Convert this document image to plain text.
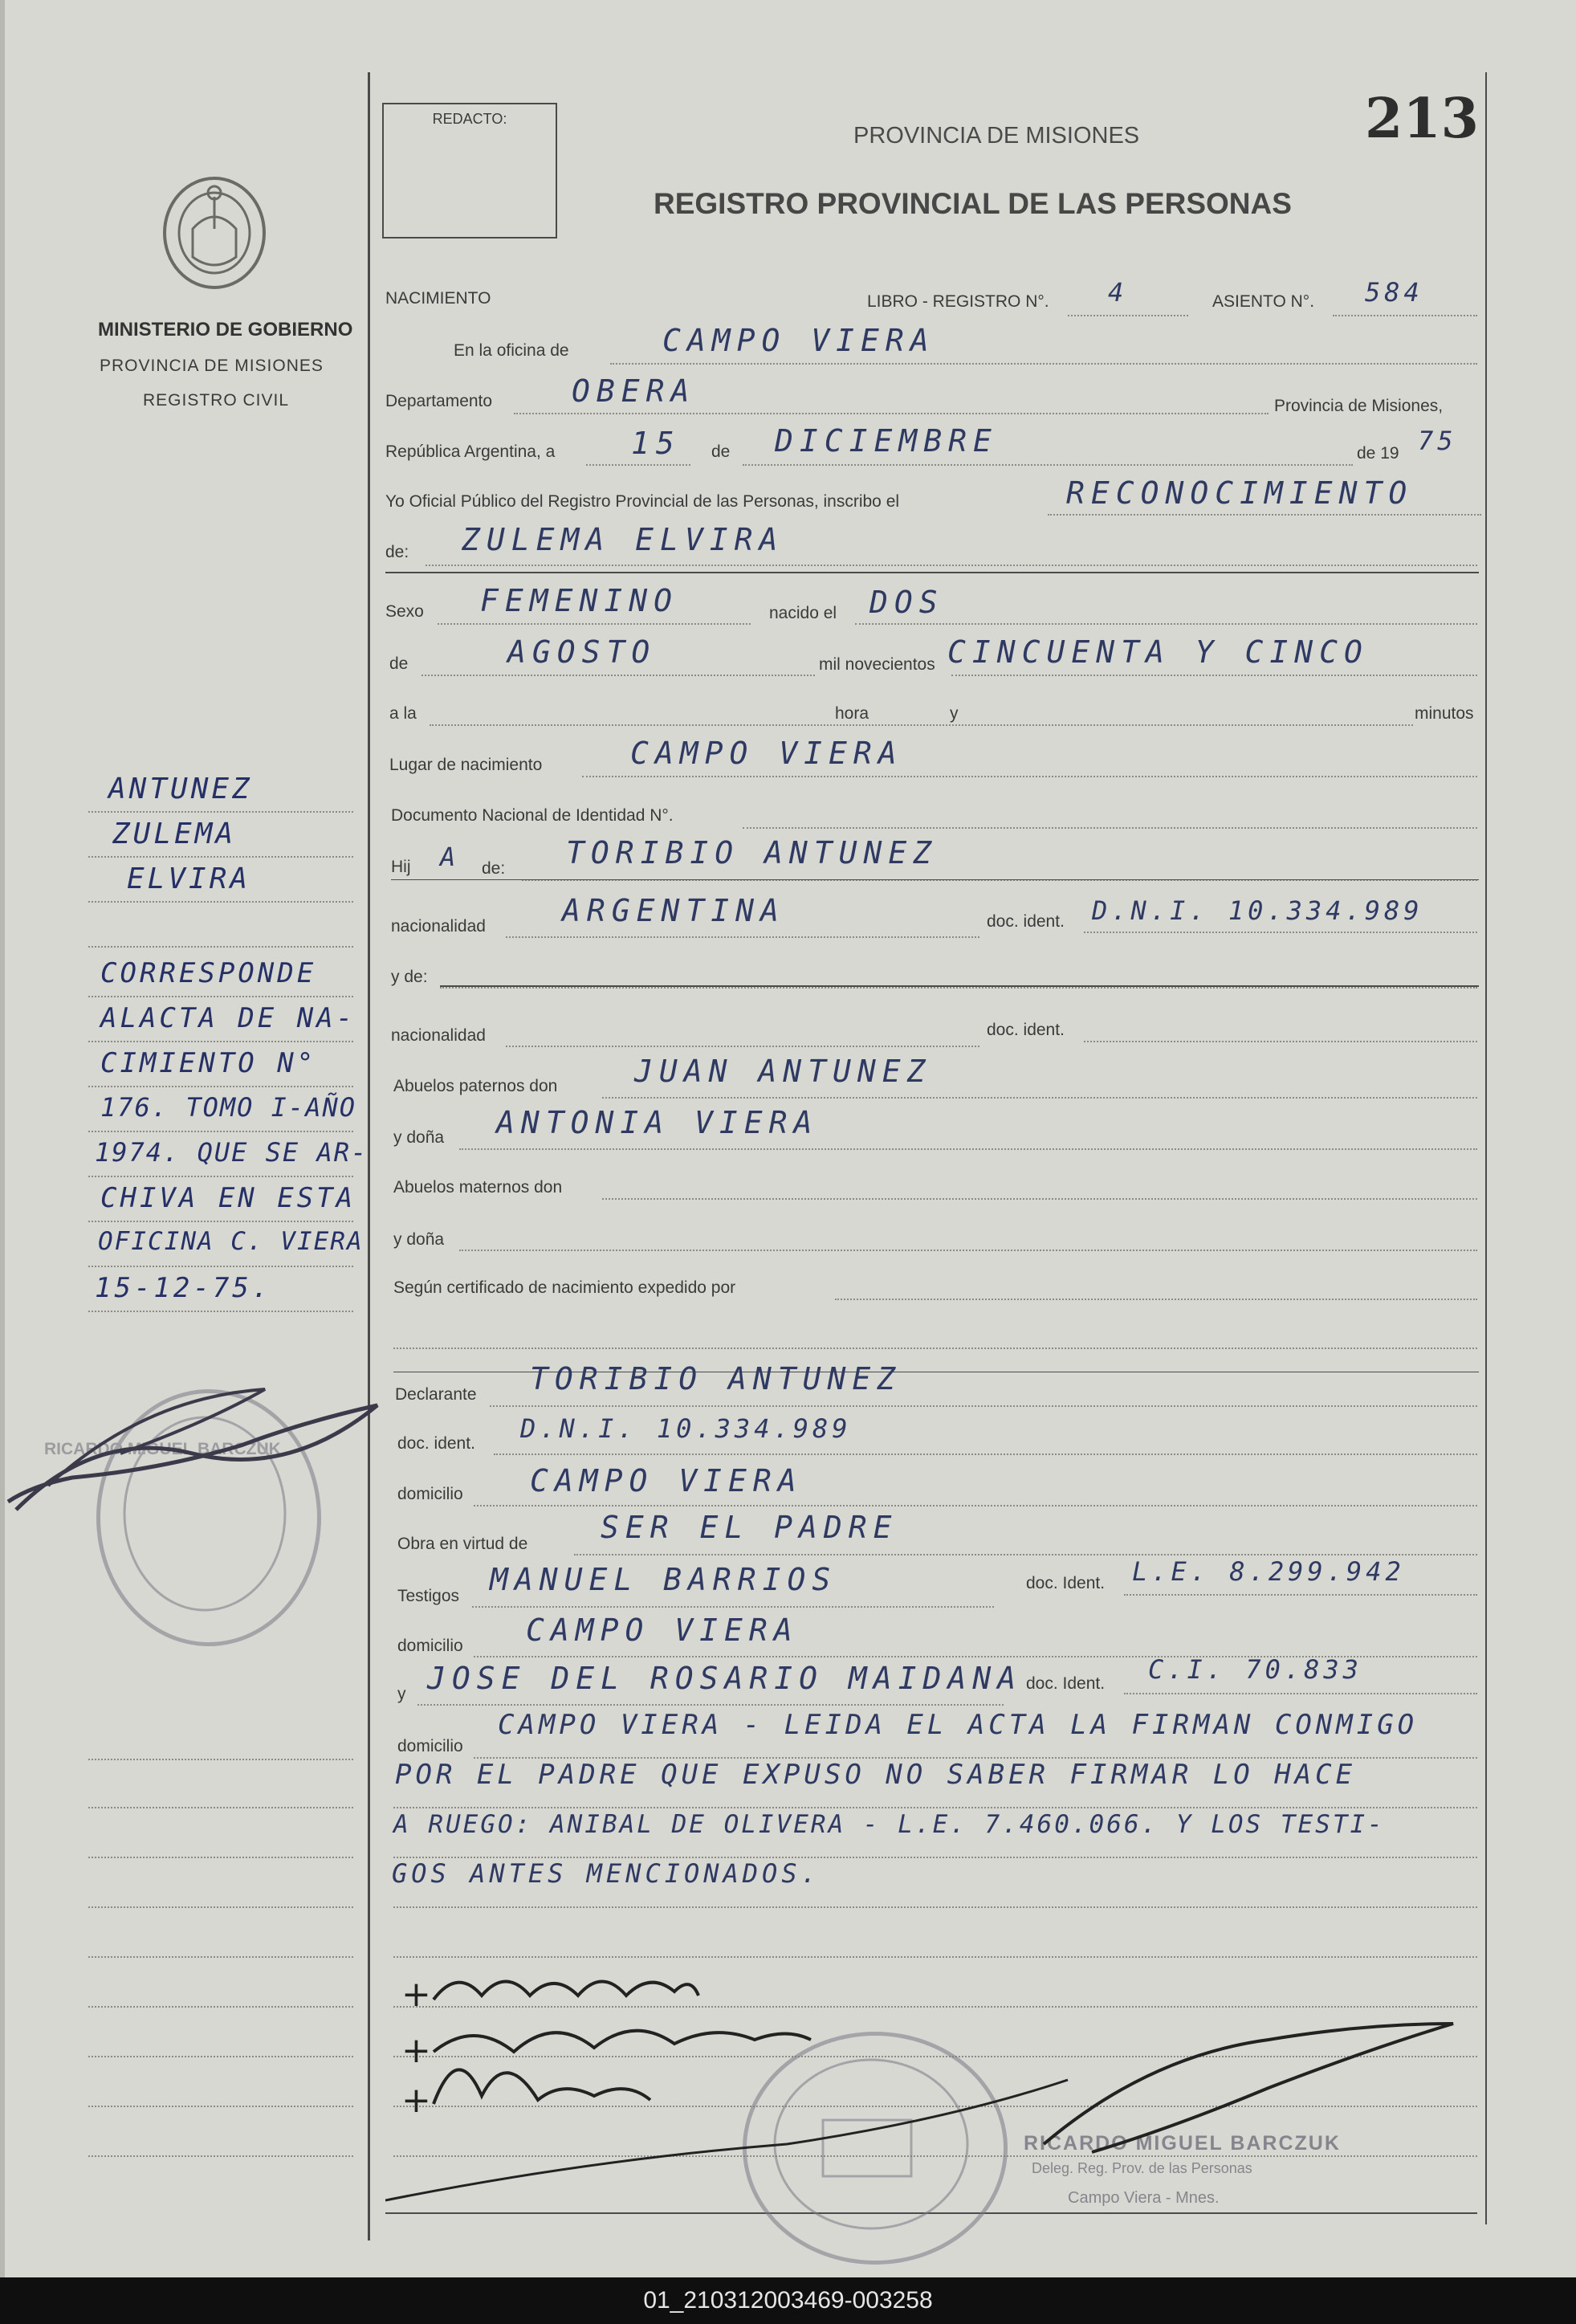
REDACTO:
PROVINCIA DE MISIONES	213
REGISTRO PROVINCIAL DE LAS PERSONAS
MINISTERIO DE GOBIERNO
PROVINCIA DE MISIONES
REGISTRO CIVIL
NACIMIENTO	LIBRO - REGISTRO N°. 4	ASIENTO N°. 584
En la oficina de	CAMPO VIERA
Departamento	OBERA	Provincia de Misiones,
República Argentina, a 15 de DICIEMBRE	de 19 75
Yo Oficial Público del Registro Provincial de las Personas, inscribo el	RECONOCIMIENTO
de: ZULEMA ELVIRA
Sexo FEMENINO	nacido el DOS
de	AGOSTO	mil novecientos CINCUENTA Y CINCO
a la	hora	y	minutos
Lugar de nacimiento	CAMPO VIERA
Documento Nacional de Identidad N°.
Hij A de: TORIBIO ANTUNEZ
nacionalidad	ARGENTINA	doc. ident. D.N.I. 10.334.989
y de:
nacionalidad	doc. ident.
Abuelos paternos don	JUAN ANTUNEZ
y doña ANTONIA VIERA
Abuelos maternos don
y doña
Según certificado de nacimiento expedido por
Declarante TORIBIO ANTUNEZ
doc. ident. D.N.I. 10.334.989
domicilio CAMPO VIERA
Obra en virtud de SER EL PADRE
Testigos MANUEL BARRIOS	doc. Ident. L.E. 8.299.942
domicilio CAMPO VIERA
y JOSE DEL ROSARIO MAIDANA doc. Ident. C.I. 70.833
domicilio
CAMPO VIERA - LEIDA EL ACTA LA FIRMAN CONMIGO
POR EL PADRE QUE EXPUSO NO SABER FIRMAR LO HACE
A RUEGO: ANIBAL DE OLIVERA - L.E. 7.460.066. Y LOS TESTI-
GOS ANTES MENCIONADOS.
ANTUNEZ
ZULEMA
ELVIRA
CORRESPONDE
ALACTA DE NA-
CIMIENTO N°
176. TOMO I-AÑO
1974. QUE SE AR-
CHIVA EN ESTA
OFICINA C. VIERA
15-12-75.
RICARDO MIGUEL BARCZUK
RICARDO MIGUEL BARCZUK
Deleg. Reg. Prov. de las Personas
Campo Viera - Mnes.
+
+
+
01_210312003469-003258
